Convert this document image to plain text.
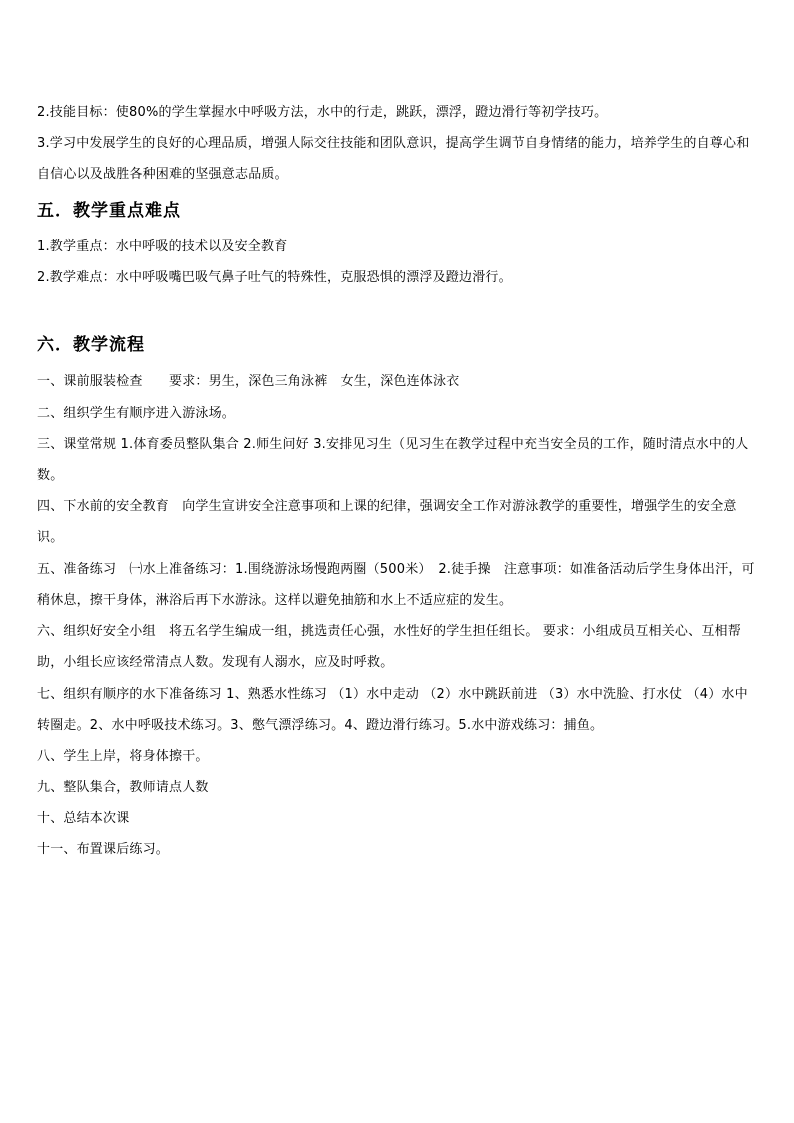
2.技能目标：使80%的学生掌握水中呼吸方法，水中的行走，跳跃，漂浮，蹬边滑行等初学技巧。

3.学习中发展学生的良好的心理品质，增强人际交往技能和团队意识，提高学生调节自身情绪的能力，培养学生的自尊心和自信心以及战胜各种困难的坚强意志品质。

五．教学重点难点

1.教学重点：水中呼吸的技术以及安全教育

2.教学难点：水中呼吸嘴巴吸气鼻子吐气的特殊性，克服恐惧的漂浮及蹬边滑行。

六．教学流程

一、课前服装检查　　要求：男生，深色三角泳裤　女生，深色连体泳衣

二、组织学生有顺序进入游泳场。

三、课堂常规 1.体育委员整队集合 2.师生问好 3.安排见习生（见习生在教学过程中充当安全员的工作，随时清点水中的人数。

四、下水前的安全教育　向学生宣讲安全注意事项和上课的纪律，强调安全工作对游泳教学的重要性，增强学生的安全意识。

五、准备练习　㈠水上准备练习：1.围绕游泳场慢跑两圈（500米）　2.徒手操　注意事项：如准备活动后学生身体出汗，可稍休息，擦干身体，淋浴后再下水游泳。这样以避免抽筋和水上不适应症的发生。

六、组织好安全小组　将五名学生编成一组，挑选责任心强，水性好的学生担任组长。 要求：小组成员互相关心、互相帮助，小组长应该经常清点人数。发现有人溺水，应及时呼救。

七、组织有顺序的水下准备练习 1、熟悉水性练习 （1）水中走动 （2）水中跳跃前进 （3）水中洗脸、打水仗 （4）水中转圈走。2、水中呼吸技术练习。3、憋气漂浮练习。4、蹬边滑行练习。5.水中游戏练习：捕鱼。

八、学生上岸，将身体擦干。

九、整队集合，教师请点人数

十、总结本次课

十一、布置课后练习。
